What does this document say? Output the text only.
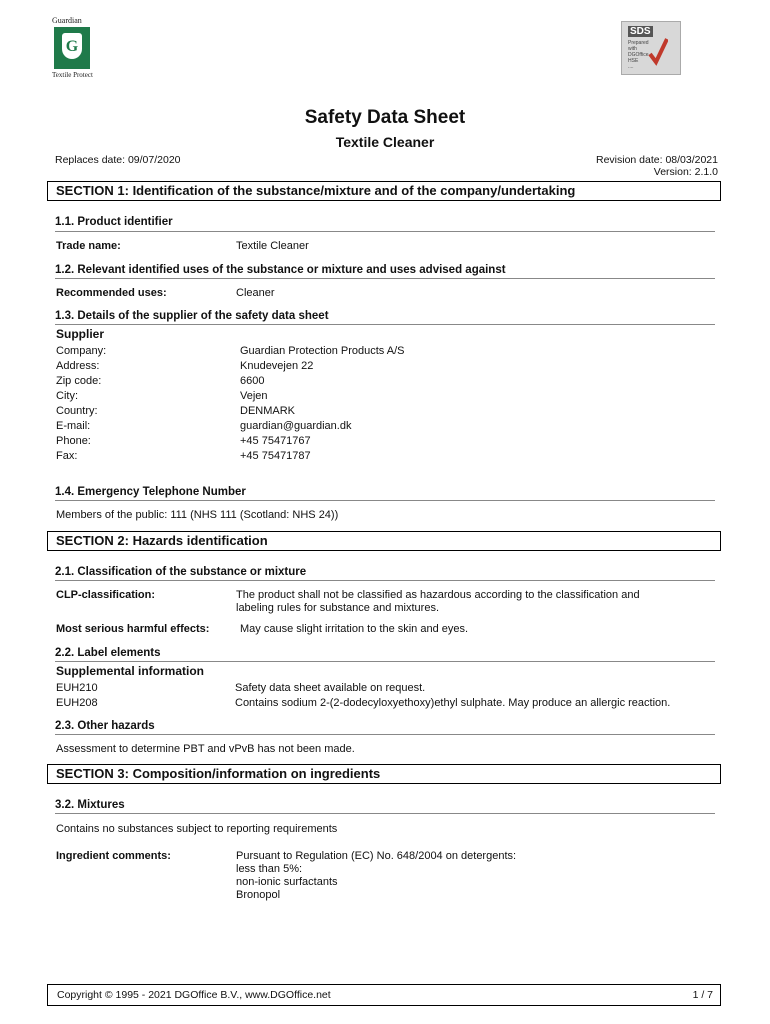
Guardian
G
Textile Protect
SDS
Prepared
with
DGOffice
HSE
....
Safety Data Sheet
Textile Cleaner
Replaces date: 09/07/2020	Revision date: 08/03/2021
Version: 2.1.0
SECTION 1: Identification of the substance/mixture and of the company/undertaking
1.1. Product identifier
Trade name:	Textile Cleaner
1.2. Relevant identified uses of the substance or mixture and uses advised against
Recommended uses:	Cleaner
1.3. Details of the supplier of the safety data sheet
Supplier
Company:	Guardian Protection Products A/S
Address:	Knudevejen 22
Zip code:	6600
City:	Vejen
Country:	DENMARK
E-mail:	guardian@guardian.dk
Phone:	+45 75471767
Fax:	+45 75471787
1.4. Emergency Telephone Number
Members of the public: 111 (NHS 111 (Scotland: NHS 24))
SECTION 2: Hazards identification
2.1. Classification of the substance or mixture
CLP-classification:	The product shall not be classified as hazardous according to the classification and
labeling rules for substance and mixtures.
Most serious harmful effects:	May cause slight irritation to the skin and eyes.
2.2. Label elements
Supplemental information
EUH210	Safety data sheet available on request.
EUH208	Contains sodium 2-(2-dodecyloxyethoxy)ethyl sulphate. May produce an allergic reaction.
2.3. Other hazards
Assessment to determine PBT and vPvB has not been made.
SECTION 3: Composition/information on ingredients
3.2. Mixtures
Contains no substances subject to reporting requirements
Ingredient comments:	Pursuant to Regulation (EC) No. 648/2004 on detergents:
less than 5%:
non-ionic surfactants
Bronopol
Copyright © 1995 - 2021 DGOffice B.V., www.DGOffice.net	1 / 7
